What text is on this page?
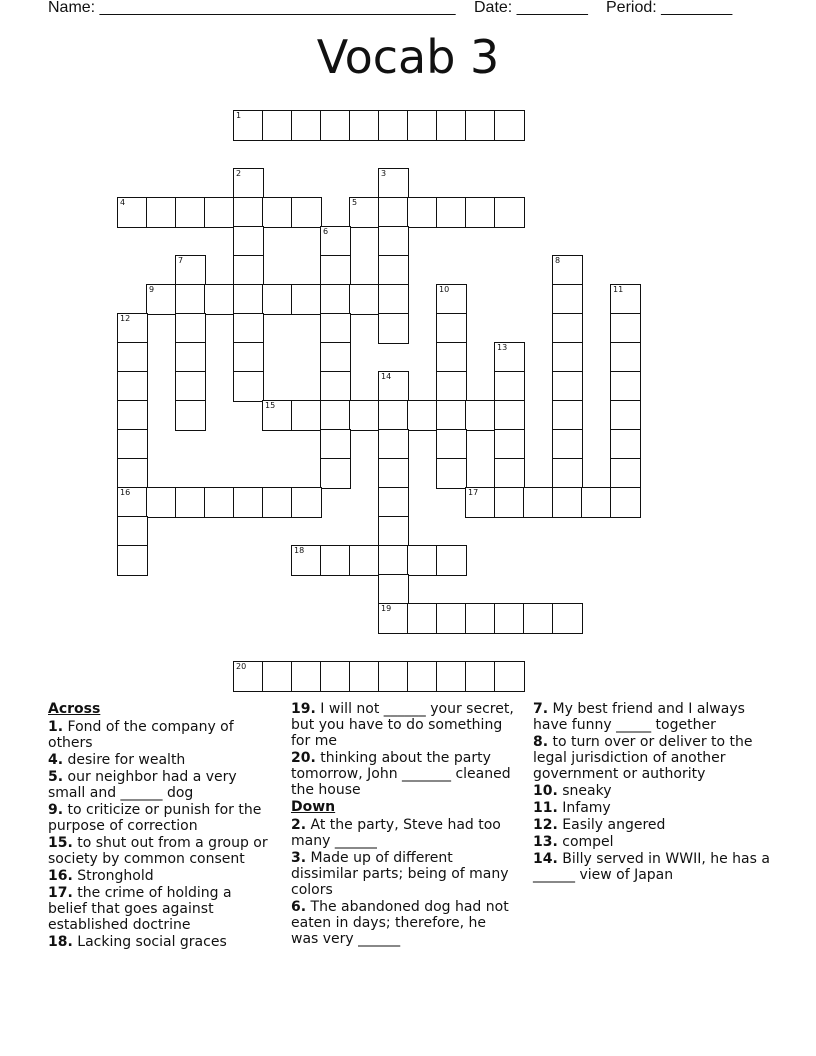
Name: ________________________________________ Date: ________ Period: ________
Vocab 3
1
2	3
4	5
6
7	8
9	10	11
12
13
14
15
16	17
18
19
20
Across
1. Fond of the company of others
4. desire for wealth
5. our neighbor had a very small and ______ dog
9. to criticize or punish for the purpose of correction
15. to shut out from a group or society by common consent
16. Stronghold
17. the crime of holding a belief that goes against established doctrine
18. Lacking social graces
19. I will not ______ your secret, but you have to do something for me
20. thinking about the party tomorrow, John _______ cleaned the house
Down
2. At the party, Steve had too many ______
3. Made up of different dissimilar parts; being of many colors
6. The abandoned dog had not eaten in days; therefore, he was very ______
7. My best friend and I always have funny _____ together
8. to turn over or deliver to the legal jurisdiction of another government or authority
10. sneaky
11. Infamy
12. Easily angered
13. compel
14. Billy served in WWII, he has a ______ view of Japan
